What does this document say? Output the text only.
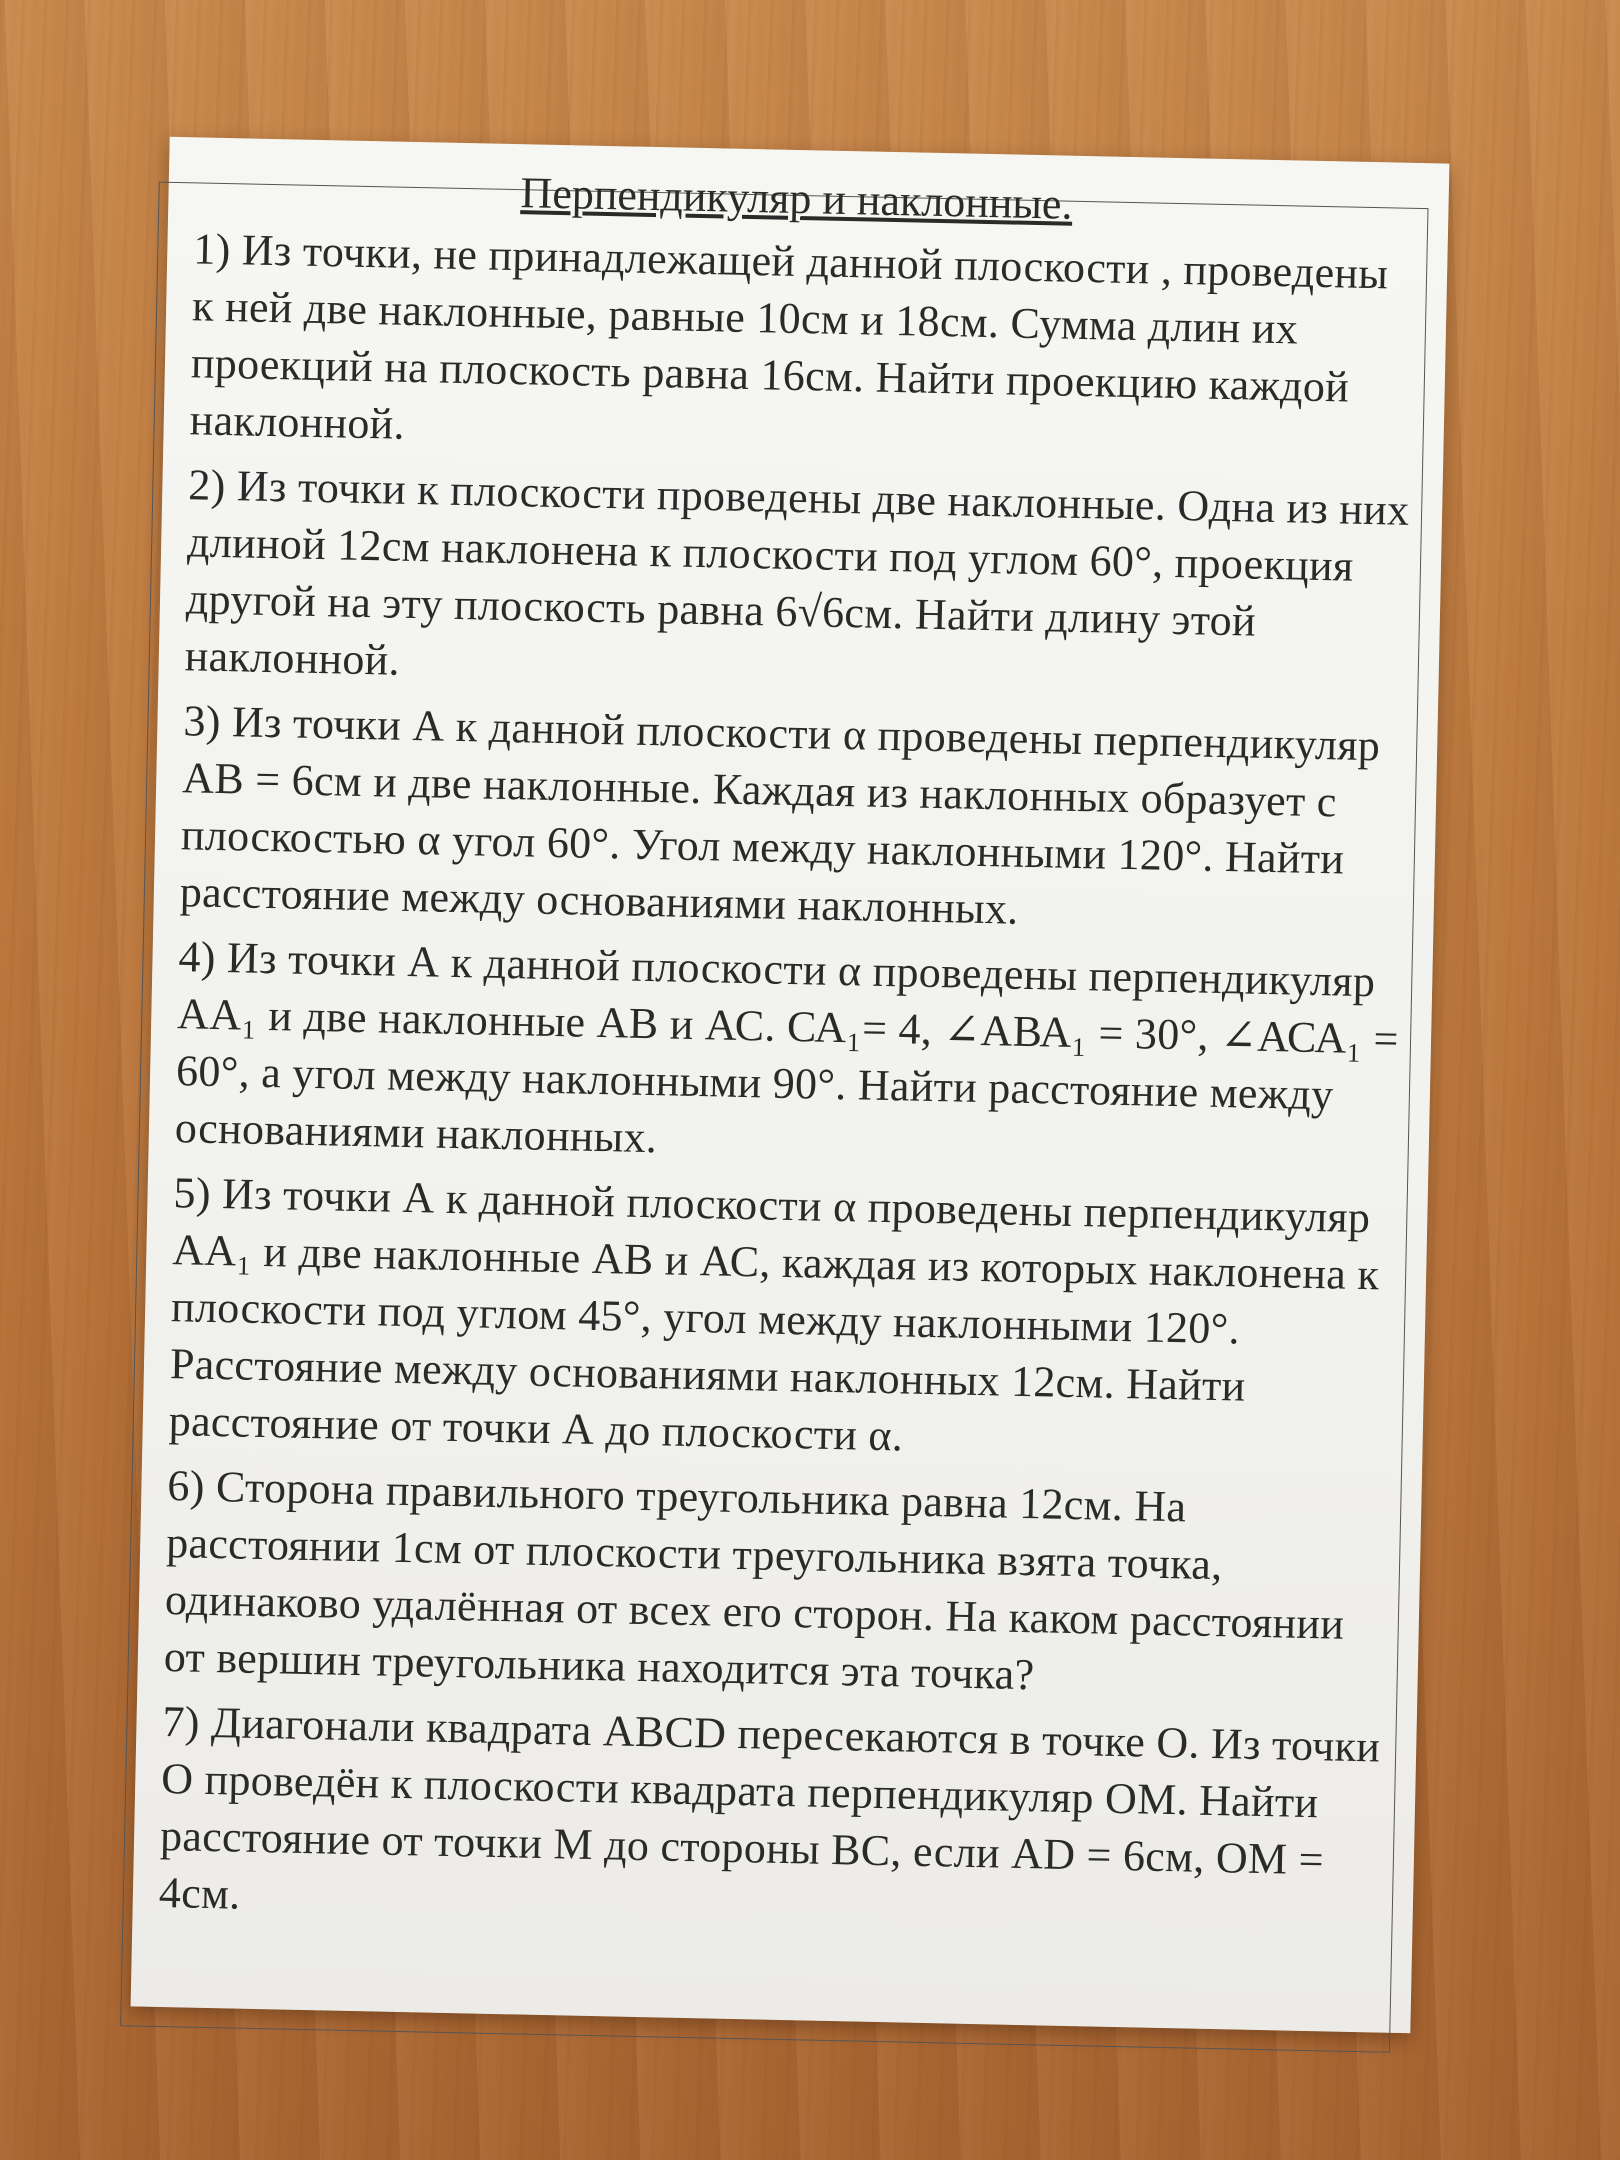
Перпендикуляр и наклонные.
1) Из точки, не принадлежащей данной плоскости , проведены к ней две наклонные, равные 10см и 18см. Сумма длин их проекций на плоскость равна 16см. Найти проекцию каждой наклонной.
2) Из точки к плоскости проведены две наклонные. Одна из них длиной 12см наклонена к плоскости под углом 60°, проекция другой на эту плоскость равна 6√6см. Найти длину этой наклонной.
3) Из точки А к данной плоскости α проведены перпендикуляр АВ = 6см и две наклонные. Каждая из наклонных образует с плоскостью α угол 60°. Угол между наклонными 120°. Найти расстояние между основаниями наклонных.
4) Из точки А к данной плоскости α проведены перпендикуляр АА₁ и две наклонные АВ и АС. СА₁= 4, ∠АВА₁ = 30°, ∠АСА₁ = 60°, а угол между наклонными 90°. Найти расстояние между основаниями наклонных.
5) Из точки А к данной плоскости α проведены перпендикуляр АА₁ и две наклонные АВ и АС, каждая из которых наклонена к плоскости под углом 45°, угол между наклонными 120°. Расстояние между основаниями наклонных 12см. Найти расстояние от точки А до плоскости α.
6) Сторона правильного треугольника равна 12см. На расстоянии 1см от плоскости треугольника взята точка, одинаково удалённая от всех его сторон. На каком расстоянии от вершин треугольника находится эта точка?
7) Диагонали квадрата ABCD пересекаются в точке О. Из точки О проведён к плоскости квадрата перпендикуляр ОМ. Найти расстояние от точки М до стороны ВС, если AD = 6см, ОМ = 4см.
